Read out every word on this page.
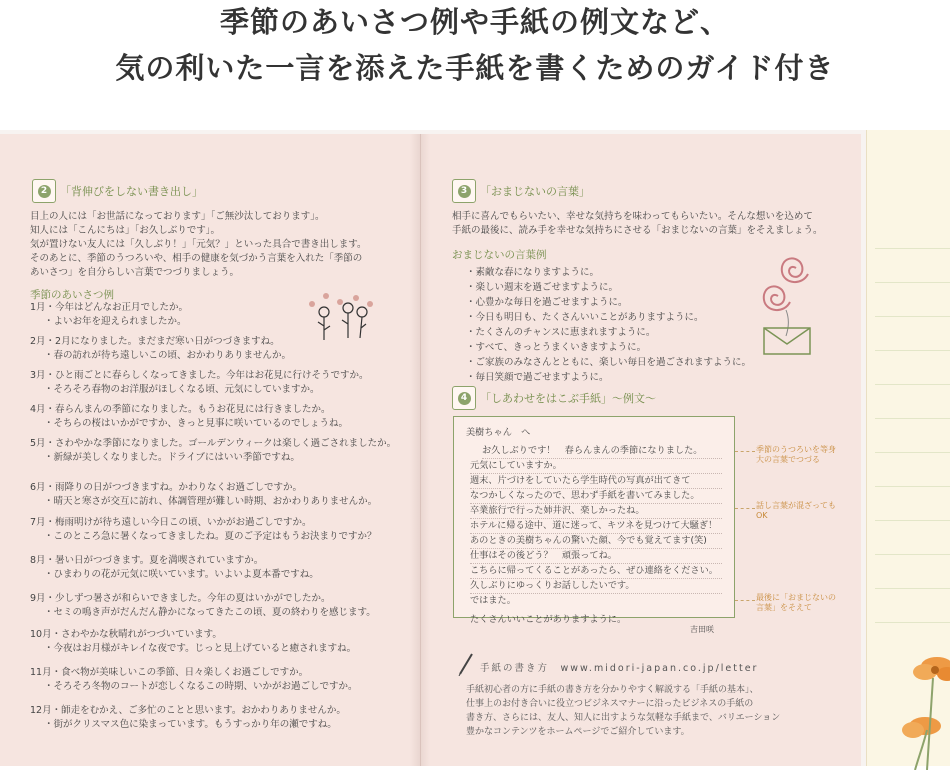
季節のあいさつ例や手紙の例文など、
気の利いた一言を添えた手紙を書くためのガイド付き
2	「背伸びをしない書き出し」
目上の人には「お世話になっております」「ご無沙汰しております」。
知人には「こんにちは」「お久しぶりです」。
気が置けない友人には「久しぶり！」「元気？」といった具合で書き出します。
そのあとに、季節のうつろいや、相手の健康を気づかう言葉を入れた「季節の
あいさつ」を自分らしい言葉でつづりましょう。
季節のあいさつ例
1月・今年はどんなお正月でしたか。
・よいお年を迎えられましたか。
2月・2月になりました。まだまだ寒い日がつづきますね。
・春の訪れが待ち遠しいこの頃、おかわりありませんか。
3月・ひと雨ごとに春らしくなってきました。今年はお花見に行けそうですか。
・そろそろ春物のお洋服がほしくなる頃、元気にしていますか。
4月・春らんまんの季節になりました。もうお花見には行きましたか。
・そちらの桜はいかがですか、きっと見事に咲いているのでしょうね。
5月・さわやかな季節になりました。ゴールデンウィークは楽しく過ごされましたか。
・新緑が美しくなりました。ドライブにはいい季節ですね。
6月・雨降りの日がつづきますね。かわりなくお過ごしですか。
・晴天と寒さが交互に訪れ、体調管理が難しい時期、おかわりありませんか。
7月・梅雨明けが待ち遠しい今日この頃、いかがお過ごしですか。
・このところ急に暑くなってきましたね。夏のご予定はもうお決まりですか？
8月・暑い日がつづきます。夏を満喫されていますか。
・ひまわりの花が元気に咲いています。いよいよ夏本番ですね。
9月・少しずつ暑さが和らいできました。今年の夏はいかがでしたか。
・セミの鳴き声がだんだん静かになってきたこの頃、夏の終わりを感じます。
10月・さわやかな秋晴れがつづいています。
・今夜はお月様がキレイな夜です。じっと見上げていると癒されますね。
11月・食べ物が美味しいこの季節、日々楽しくお過ごしですか。
・そろそろ冬物のコートが恋しくなるこの時期、いかがお過ごしですか。
12月・師走をむかえ、ご多忙のことと思います。おかわりありませんか。
・街がクリスマス色に染まっています。もうすっかり年の瀬ですね。
3	「おまじないの言葉」
相手に喜んでもらいたい、幸せな気持ちを味わってもらいたい。そんな想いを込めて
手紙の最後に、読み手を幸せな気持ちにさせる「おまじないの言葉」をそえましょう。
おまじないの言葉例
・素敵な春になりますように。
・楽しい週末を過ごせますように。
・心豊かな毎日を過ごせますように。
・今日も明日も、たくさんいいことがありますように。
・たくさんのチャンスに恵まれますように。
・すべて、きっとうまくいきますように。
・ご家族のみなさんとともに、楽しい毎日を過ごされますように。
・毎日笑顔で過ごせますように。
4	「しあわせをはこぶ手紙」～例文～
美樹ちゃん　へ
お久しぶりです！　春らんまんの季節になりました。
元気にしていますか。
週末、片づけをしていたら学生時代の写真が出てきて
なつかしくなったので、思わず手紙を書いてみました。
卒業旅行で行った姉井沢、楽しかったね。
ホテルに帰る途中、道に迷って、キツネを見つけて大騒ぎ！
あのときの美樹ちゃんの驚いた顔、今でも覚えてます(笑)
仕事はその後どう？　頑張ってね。
こちらに帰ってくることがあったら、ぜひ連絡をください。
久しぶりにゆっくりお話ししたいです。
ではまた。
たくさんいいことがありますように。
吉田咲
季節のうつろいを等身大の言葉でつづる
話し言葉が混ざってもOK
最後に「おまじないの言葉」をそえて
手紙の書き方　www.midori-japan.co.jp/letter
手紙初心者の方に手紙の書き方を分かりやすく解説する「手紙の基本」、
仕事上のお付き合いに役立つビジネスマナーに沿ったビジネスの手紙の
書き方、さらには、友人、知人に出すような気軽な手紙まで、バリエーション
豊かなコンテンツをホームページでご紹介しています。
